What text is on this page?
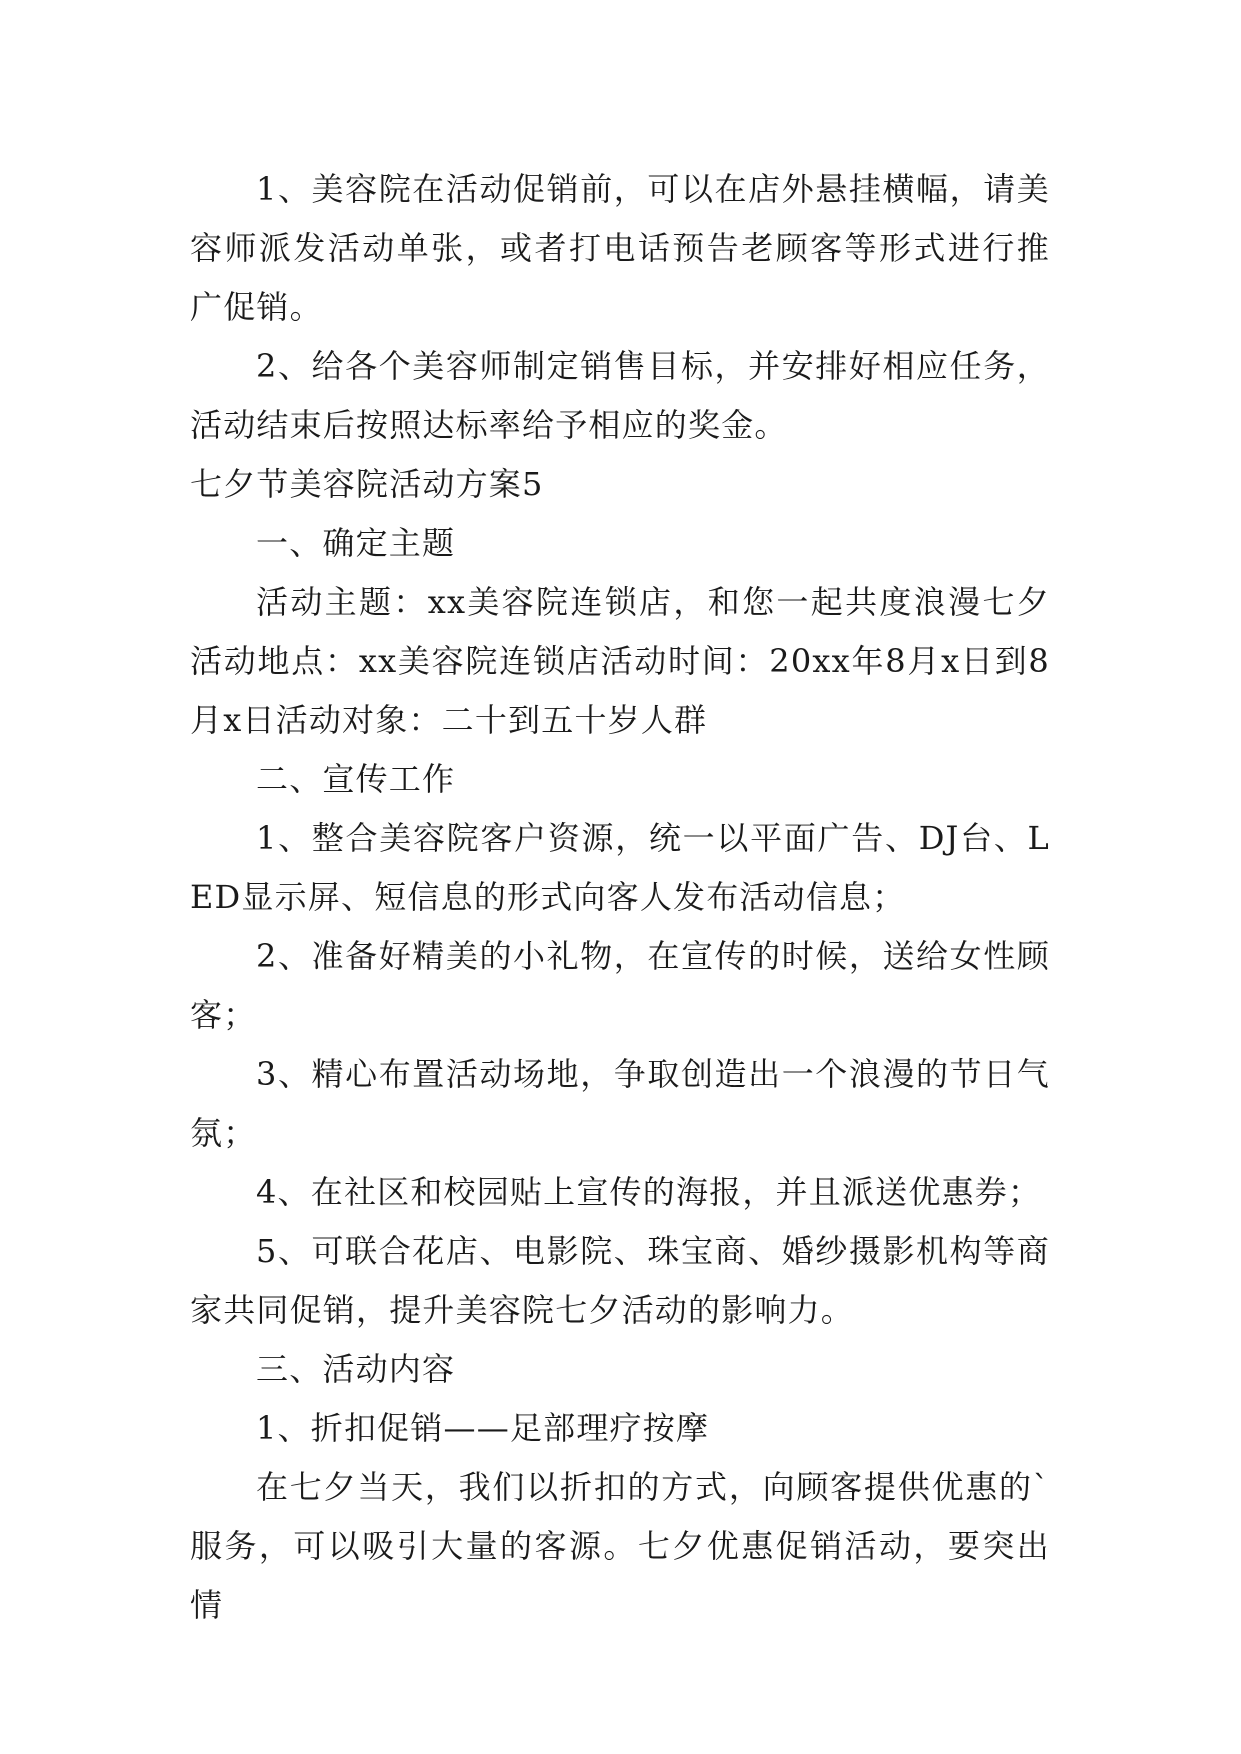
1、美容院在活动促销前，可以在店外悬挂横幅，请美容师派发活动单张，或者打电话预告老顾客等形式进行推广促销。

2、给各个美容师制定销售目标，并安排好相应任务，活动结束后按照达标率给予相应的奖金。

七夕节美容院活动方案5

一、确定主题

活动主题：xx美容院连锁店，和您一起共度浪漫七夕活动地点：xx美容院连锁店活动时间：20xx年8月x日到8月x日活动对象：二十到五十岁人群

二、宣传工作

1、整合美容院客户资源，统一以平面广告、DJ台、LED显示屏、短信息的形式向客人发布活动信息；

2、准备好精美的小礼物，在宣传的时候，送给女性顾客；

3、精心布置活动场地，争取创造出一个浪漫的节日气氛；

4、在社区和校园贴上宣传的海报，并且派送优惠券；

5、可联合花店、电影院、珠宝商、婚纱摄影机构等商家共同促销，提升美容院七夕活动的影响力。

三、活动内容

1、折扣促销——足部理疗按摩

在七夕当天，我们以折扣的方式，向顾客提供优惠的`服务，可以吸引大量的客源。七夕优惠促销活动，要突出情
